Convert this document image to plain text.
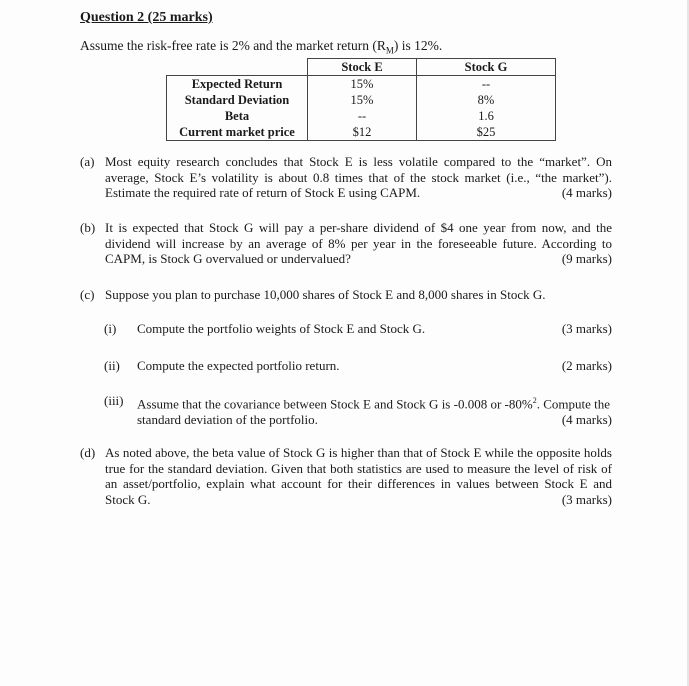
Question 2 (25 marks)
Assume the risk-free rate is 2% and the market return $(R_M)$ is 12%.
	Stock E	Stock G
Expected Return	15%	--
Standard Deviation	15%	8%
Beta	--	1.6
Current market price	$12	$25
(a) Most equity research concludes that Stock E is less volatile compared to the “market”. On average, Stock E’s volatility is about 0.8 times that of the stock market (i.e., “the market”). Estimate the required rate of return of Stock E using CAPM.	(4 marks)
(b) It is expected that Stock G will pay a per-share dividend of $4 one year from now, and the dividend will increase by an average of 8% per year in the foreseeable future. According to CAPM, is Stock G overvalued or undervalued?	(9 marks)
(c) Suppose you plan to purchase 10,000 shares of Stock E and 8,000 shares in Stock G.
(i) Compute the portfolio weights of Stock E and Stock G.	(3 marks)
(ii) Compute the expected portfolio return.	(2 marks)
(iii) Assume that the covariance between Stock E and Stock G is -0.008 or -80%$^2$. Compute the standard deviation of the portfolio.	(4 marks)
(d) As noted above, the beta value of Stock G is higher than that of Stock E while the opposite holds true for the standard deviation. Given that both statistics are used to measure the level of risk of an asset/portfolio, explain what account for their differences in values between Stock E and Stock G.	(3 marks)
